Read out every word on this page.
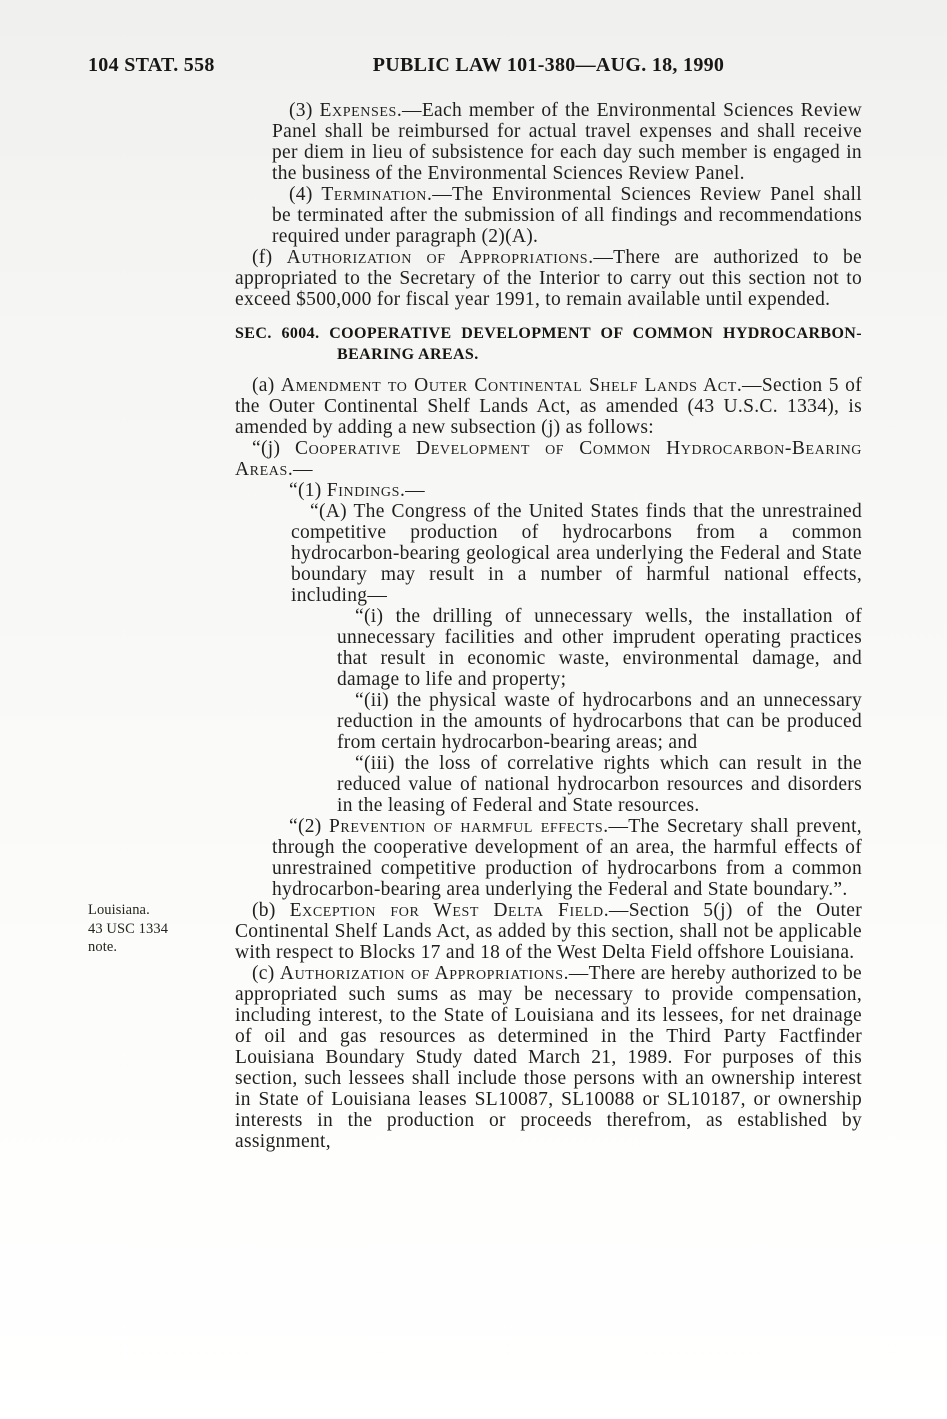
104 STAT. 558	PUBLIC LAW 101-380—AUG. 18, 1990

(3) Expenses.—Each member of the Environmental Sciences Review Panel shall be reimbursed for actual travel expenses and shall receive per diem in lieu of subsistence for each day such member is engaged in the business of the Environmental Sciences Review Panel.

(4) Termination.—The Environmental Sciences Review Panel shall be terminated after the submission of all findings and recommendations required under paragraph (2)(A).

(f) Authorization of Appropriations.—There are authorized to be appropriated to the Secretary of the Interior to carry out this section not to exceed $500,000 for fiscal year 1991, to remain available until expended.

SEC. 6004. COOPERATIVE DEVELOPMENT OF COMMON HYDROCARBON-
BEARING AREAS.

(a) Amendment to Outer Continental Shelf Lands Act.—Section 5 of the Outer Continental Shelf Lands Act, as amended (43 U.S.C. 1334), is amended by adding a new subsection (j) as follows:

“(j) Cooperative Development of Common Hydrocarbon-Bearing Areas.—

“(1) Findings.—

“(A) The Congress of the United States finds that the unrestrained competitive production of hydrocarbons from a common hydrocarbon-bearing geological area underlying the Federal and State boundary may result in a number of harmful national effects, including—

“(i) the drilling of unnecessary wells, the installation of unnecessary facilities and other imprudent operating practices that result in economic waste, environmental damage, and damage to life and property;

“(ii) the physical waste of hydrocarbons and an unnecessary reduction in the amounts of hydrocarbons that can be produced from certain hydrocarbon-bearing areas; and

“(iii) the loss of correlative rights which can result in the reduced value of national hydrocarbon resources and disorders in the leasing of Federal and State resources.

“(2) Prevention of harmful effects.—The Secretary shall prevent, through the cooperative development of an area, the harmful effects of unrestrained competitive production of hydrocarbons from a common hydrocarbon-bearing area underlying the Federal and State boundary.”.

Louisiana.
43 USC 1334
note.

(b) Exception for West Delta Field.—Section 5(j) of the Outer Continental Shelf Lands Act, as added by this section, shall not be applicable with respect to Blocks 17 and 18 of the West Delta Field offshore Louisiana.

(c) Authorization of Appropriations.—There are hereby authorized to be appropriated such sums as may be necessary to provide compensation, including interest, to the State of Louisiana and its lessees, for net drainage of oil and gas resources as determined in the Third Party Factfinder Louisiana Boundary Study dated March 21, 1989. For purposes of this section, such lessees shall include those persons with an ownership interest in State of Louisiana leases SL10087, SL10088 or SL10187, or ownership interests in the production or proceeds therefrom, as established by assignment,
